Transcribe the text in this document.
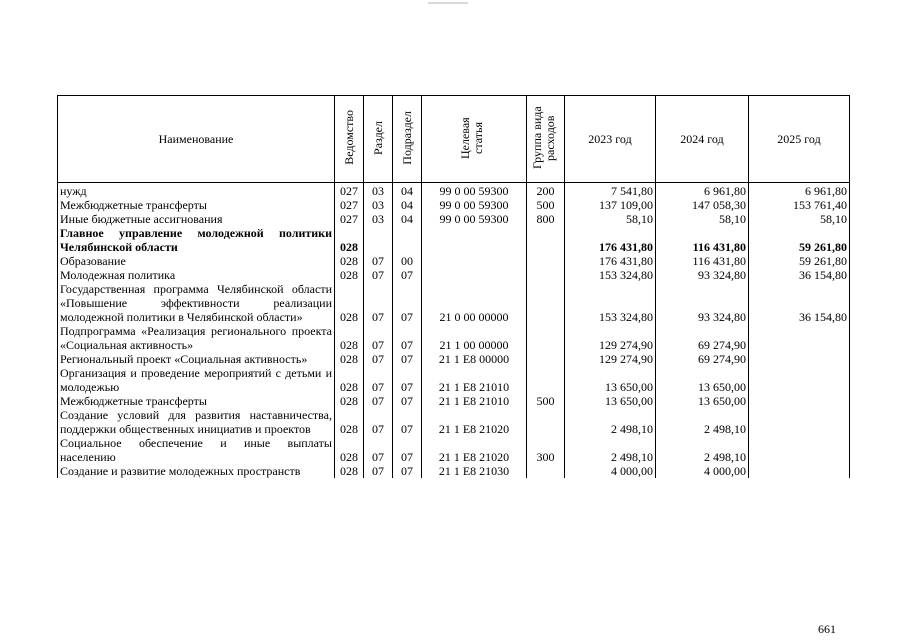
Наименование	Ведомство	Раздел	Подраздел	Целевая статья	Группа вида расходов	2023 год	2024 год	2025 год
нужд	027	03	04	99 0 00 59300	200	7 541,80	6 961,80	6 961,80
Межбюджетные трансферты	027	03	04	99 0 00 59300	500	137 109,00	147 058,30	153 761,40
Иные бюджетные ассигнования	027	03	04	99 0 00 59300	800	58,10	58,10	58,10
Главное управление молодежной политики Челябинской области	028					176 431,80	116 431,80	59 261,80
Образование	028	07	00			176 431,80	116 431,80	59 261,80
Молодежная политика	028	07	07			153 324,80	93 324,80	36 154,80
Государственная программа Челябинской области «Повышение эффективности реализации молодежной политики в Челябинской области»	028	07	07	21 0 00 00000		153 324,80	93 324,80	36 154,80
Подпрограмма «Реализация регионального проекта «Социальная активность»	028	07	07	21 1 00 00000		129 274,90	69 274,90	
Региональный проект «Социальная активность»	028	07	07	21 1 E8 00000		129 274,90	69 274,90	
Организация и проведение мероприятий с детьми и молодежью	028	07	07	21 1 E8 21010		13 650,00	13 650,00	
Межбюджетные трансферты	028	07	07	21 1 E8 21010	500	13 650,00	13 650,00	
Создание условий для развития наставничества, поддержки общественных инициатив и проектов	028	07	07	21 1 E8 21020		2 498,10	2 498,10	
Социальное обеспечение и иные выплаты населению	028	07	07	21 1 E8 21020	300	2 498,10	2 498,10	
Создание и развитие молодежных пространств	028	07	07	21 1 E8 21030		4 000,00	4 000,00	
661
